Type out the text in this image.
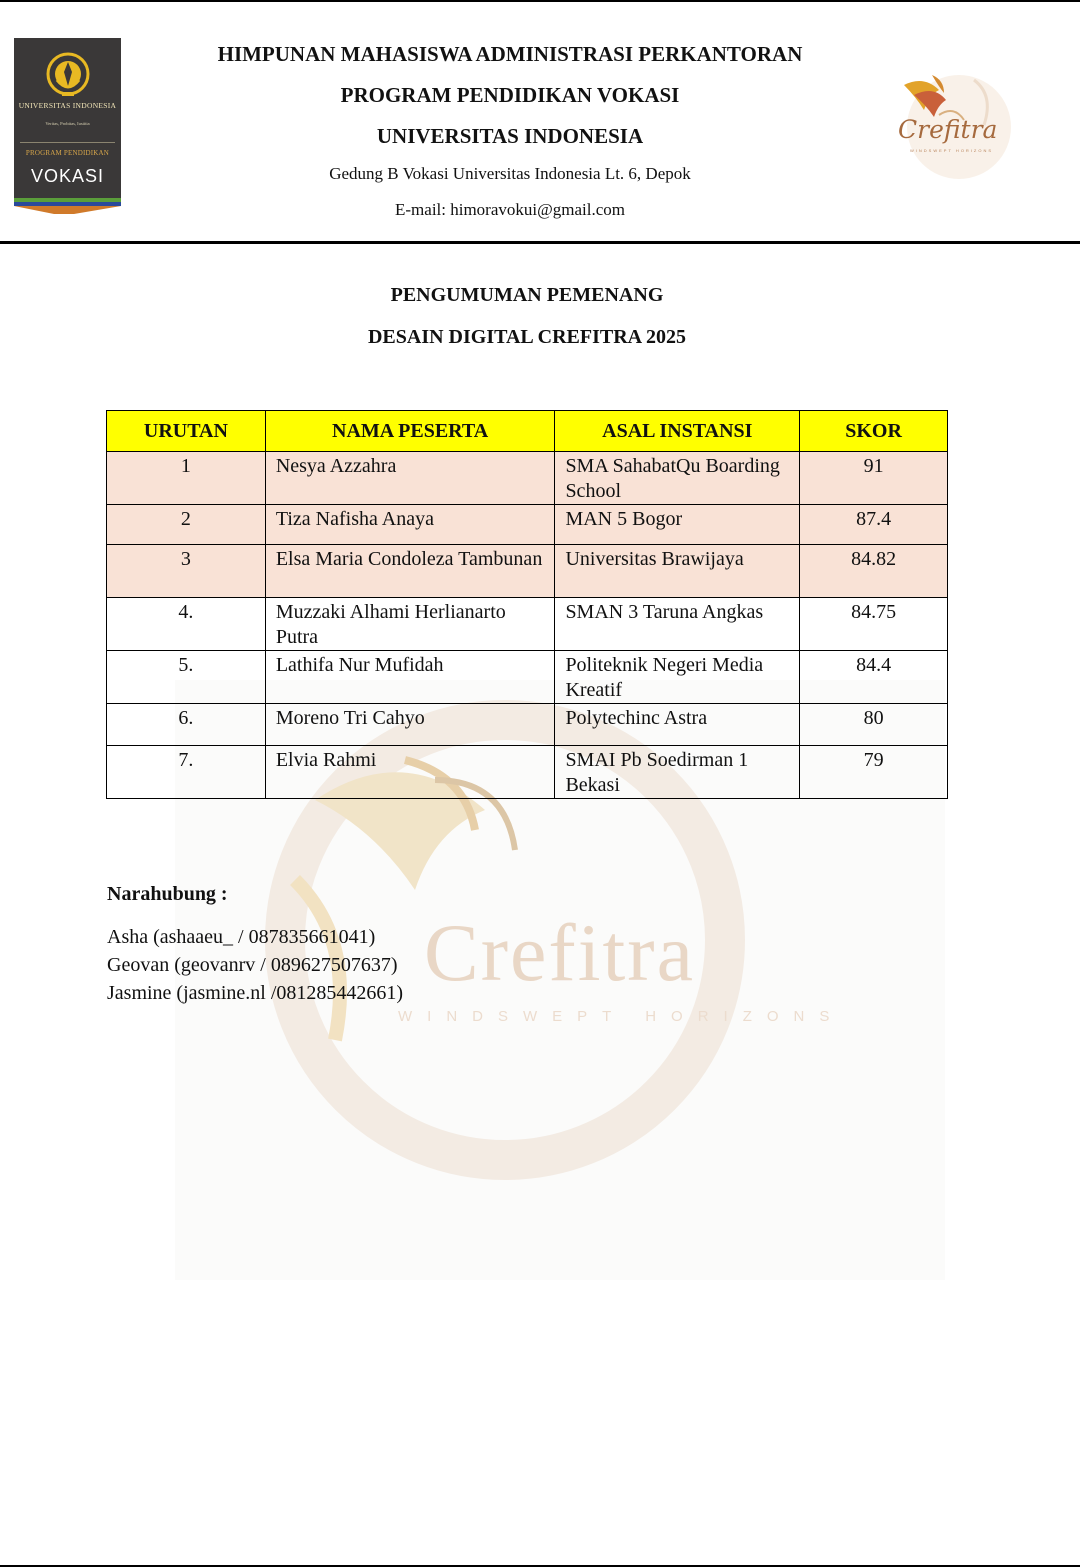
UNIVERSITAS INDONESIA
Veritas, Probitas, Iustitia
PROGRAM PENDIDIKAN
VOKASI
HIMPUNAN MAHASISWA ADMINISTRASI PERKANTORAN
PROGRAM PENDIDIKAN VOKASI
UNIVERSITAS INDONESIA
Gedung B Vokasi Universitas Indonesia Lt. 6, Depok
E-mail: himoravokui@gmail.com
Crefitra
WINDSWEPT HORIZONS
Crefitra
WINDSWEPT HORIZONS
PENGUMUMAN PEMENANG
DESAIN DIGITAL CREFITRA 2025
URUTAN	NAMA PESERTA	ASAL INSTANSI	SKOR
1	Nesya Azzahra	SMA SahabatQu Boarding School	91
2	Tiza Nafisha Anaya	MAN 5 Bogor	87.4
3	Elsa Maria Condoleza Tambunan	Universitas Brawijaya	84.82
4.	Muzzaki Alhami Herlianarto Putra	SMAN 3 Taruna Angkas	84.75
5.	Lathifa Nur Mufidah	Politeknik Negeri Media Kreatif	84.4
6.	Moreno Tri Cahyo	Polytechinc Astra	80
7.	Elvia Rahmi	SMAI Pb Soedirman 1 Bekasi	79
Narahubung :
Asha (ashaaeu_ / 087835661041)
Geovan (geovanrv / 089627507637)
Jasmine (jasmine.nl /081285442661)
